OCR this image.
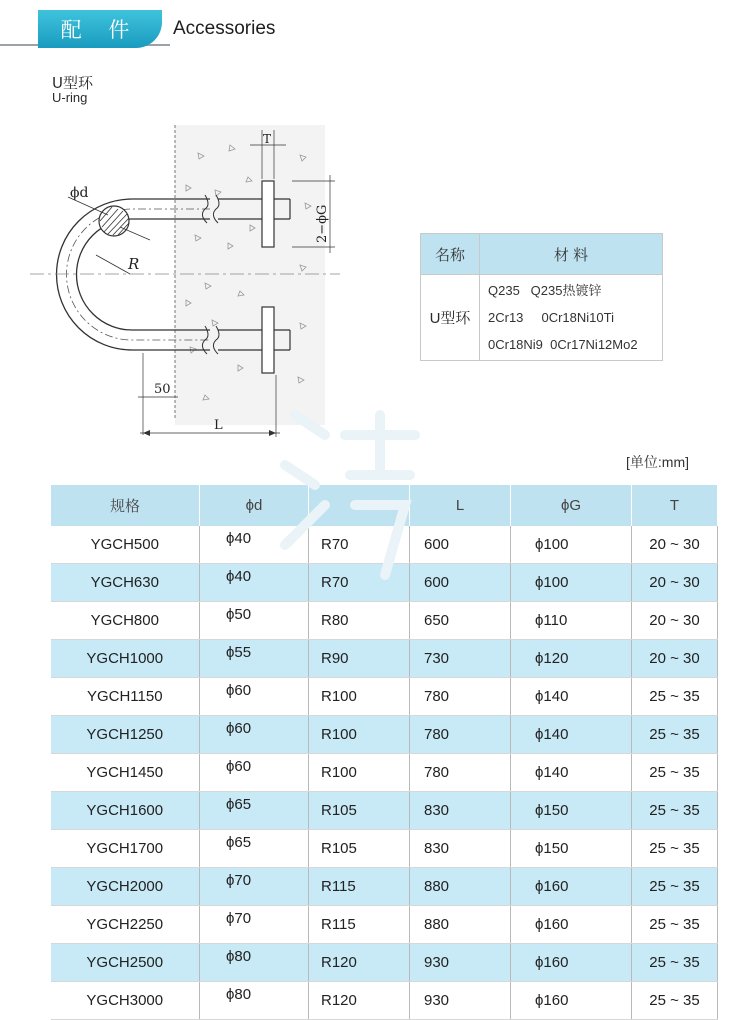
配 件 Accessories
U型环
U-ring
ϕd
R
T
2−ϕG
50
L
名称	材 料
U型环	Q235   Q235热镀锌
2Cr13     0Cr18Ni10Ti
0Cr18Ni9  0Cr17Ni12Mo2
[单位:mm]
规格	ϕd	R	L	ϕG	T
YGCH500	ϕ40	R70	600	ϕ100	20 ~ 30
YGCH630	ϕ40	R70	600	ϕ100	20 ~ 30
YGCH800	ϕ50	R80	650	ϕ110	20 ~ 30
YGCH1000	ϕ55	R90	730	ϕ120	20 ~ 30
YGCH1150	ϕ60	R100	780	ϕ140	25 ~ 35
YGCH1250	ϕ60	R100	780	ϕ140	25 ~ 35
YGCH1450	ϕ60	R100	780	ϕ140	25 ~ 35
YGCH1600	ϕ65	R105	830	ϕ150	25 ~ 35
YGCH1700	ϕ65	R105	830	ϕ150	25 ~ 35
YGCH2000	ϕ70	R115	880	ϕ160	25 ~ 35
YGCH2250	ϕ70	R115	880	ϕ160	25 ~ 35
YGCH2500	ϕ80	R120	930	ϕ160	25 ~ 35
YGCH3000	ϕ80	R120	930	ϕ160	25 ~ 35
